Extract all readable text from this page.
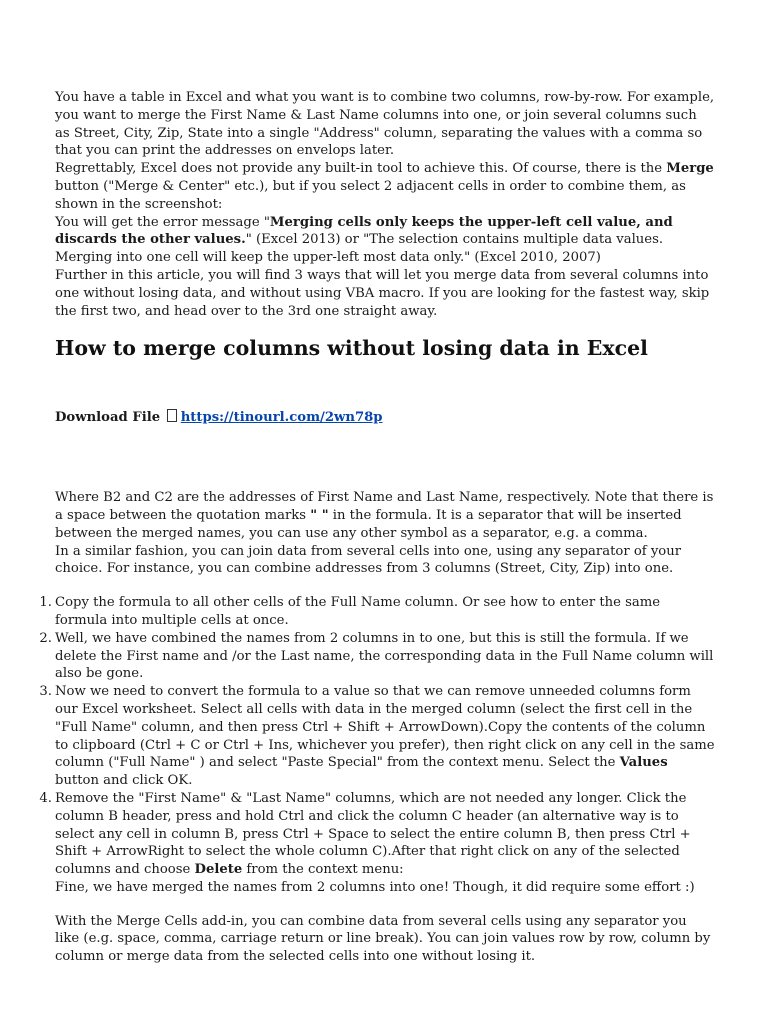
You have a table in Excel and what you want is to combine two columns, row-by-row. For example, you want to merge the First Name & Last Name columns into one, or join several columns such as Street, City, Zip, State into a single "Address" column, separating the values with a comma so that you can print the addresses on envelops later.

Regrettably, Excel does not provide any built-in tool to achieve this. Of course, there is the Merge button ("Merge & Center" etc.), but if you select 2 adjacent cells in order to combine them, as shown in the screenshot:

You will get the error message "Merging cells only keeps the upper-left cell value, and discards the other values." (Excel 2013) or "The selection contains multiple data values. Merging into one cell will keep the upper-left most data only." (Excel 2010, 2007)

Further in this article, you will find 3 ways that will let you merge data from several columns into one without losing data, and without using VBA macro. If you are looking for the fastest way, skip the first two, and head over to the 3rd one straight away.

How to merge columns without losing data in Excel

Download File https://tinourl.com/2wn78p

Where B2 and C2 are the addresses of First Name and Last Name, respectively. Note that there is a space between the quotation marks " " in the formula. It is a separator that will be inserted between the merged names, you can use any other symbol as a separator, e.g. a comma.

In a similar fashion, you can join data from several cells into one, using any separator of your choice. For instance, you can combine addresses from 3 columns (Street, City, Zip) into one.

1. Copy the formula to all other cells of the Full Name column. Or see how to enter the same formula into multiple cells at once.
2. Well, we have combined the names from 2 columns in to one, but this is still the formula. If we delete the First name and /or the Last name, the corresponding data in the Full Name column will also be gone.
3. Now we need to convert the formula to a value so that we can remove unneeded columns form our Excel worksheet. Select all cells with data in the merged column (select the first cell in the "Full Name" column, and then press Ctrl + Shift + ArrowDown).Copy the contents of the column to clipboard (Ctrl + C or Ctrl + Ins, whichever you prefer), then right click on any cell in the same column ("Full Name" ) and select "Paste Special" from the context menu. Select the Values button and click OK.
4. Remove the "First Name" & "Last Name" columns, which are not needed any longer. Click the column B header, press and hold Ctrl and click the column C header (an alternative way is to select any cell in column B, press Ctrl + Space to select the entire column B, then press Ctrl + Shift + ArrowRight to select the whole column C).After that right click on any of the selected columns and choose Delete from the context menu:
Fine, we have merged the names from 2 columns into one! Though, it did require some effort :)

With the Merge Cells add-in, you can combine data from several cells using any separator you like (e.g. space, comma, carriage return or line break). You can join values row by row, column by column or merge data from the selected cells into one without losing it.
